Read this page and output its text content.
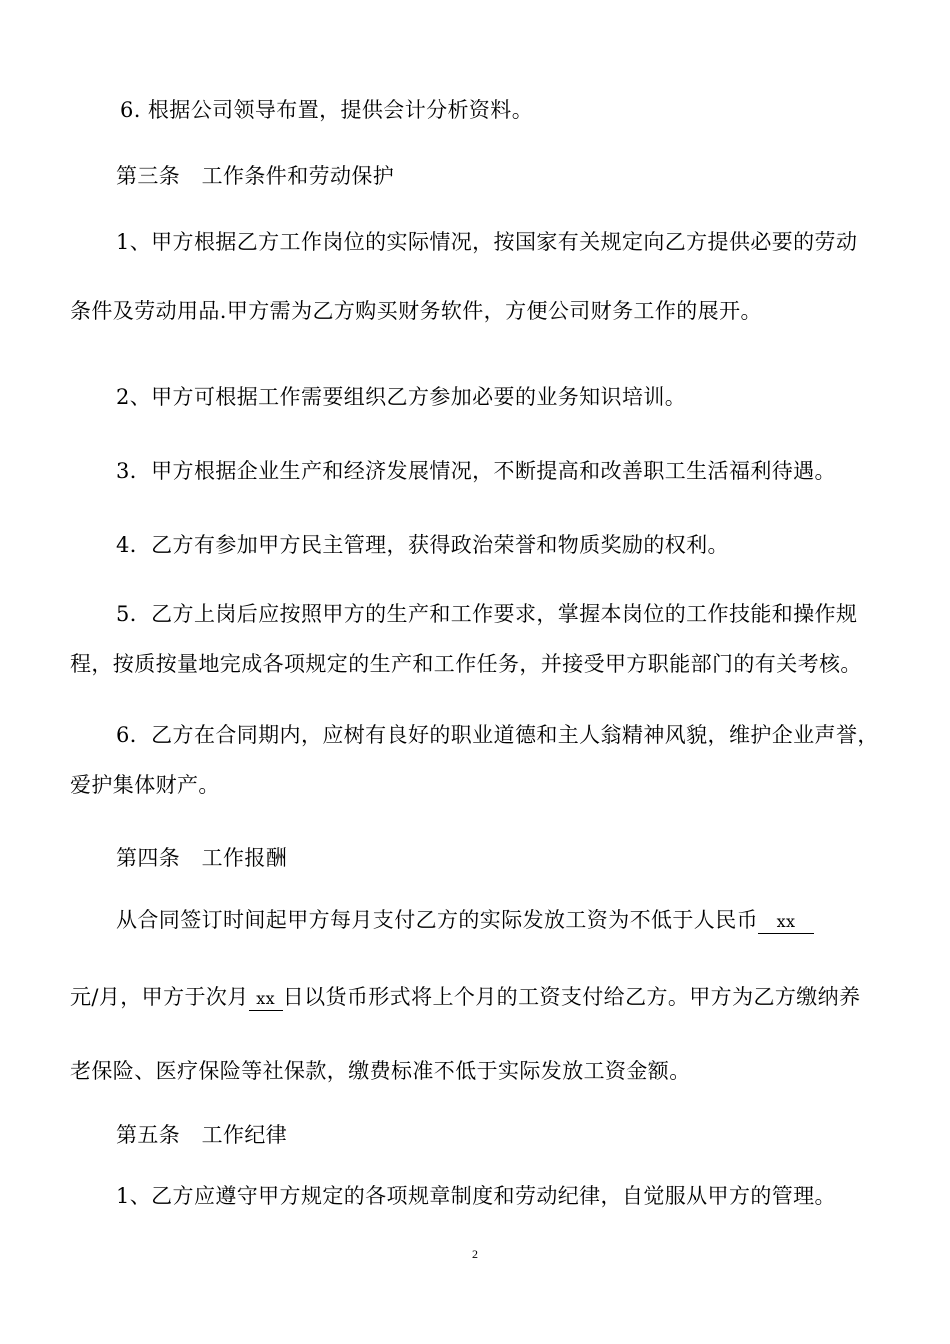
6. 根据公司领导布置，提供会计分析资料。
第三条　工作条件和劳动保护
1、甲方根据乙方工作岗位的实际情况，按国家有关规定向乙方提供必要的劳动
条件及劳动用品.甲方需为乙方购买财务软件，方便公司财务工作的展开。
2、甲方可根据工作需要组织乙方参加必要的业务知识培训。
3．甲方根据企业生产和经济发展情况，不断提高和改善职工生活福利待遇。
4．乙方有参加甲方民主管理，获得政治荣誉和物质奖励的权利。
5．乙方上岗后应按照甲方的生产和工作要求，掌握本岗位的工作技能和操作规
程，按质按量地完成各项规定的生产和工作任务，并接受甲方职能部门的有关考核。
6．乙方在合同期内，应树有良好的职业道德和主人翁精神风貌，维护企业声誉，
爱护集体财产。
第四条　工作报酬
从合同签订时间起甲方每月支付乙方的实际发放工资为不低于人民币 xx
元/月，甲方于次月 xx 日以货币形式将上个月的工资支付给乙方。甲方为乙方缴纳养
老保险、医疗保险等社保款，缴费标准不低于实际发放工资金额。
第五条　工作纪律
1、乙方应遵守甲方规定的各项规章制度和劳动纪律，自觉服从甲方的管理。
2
